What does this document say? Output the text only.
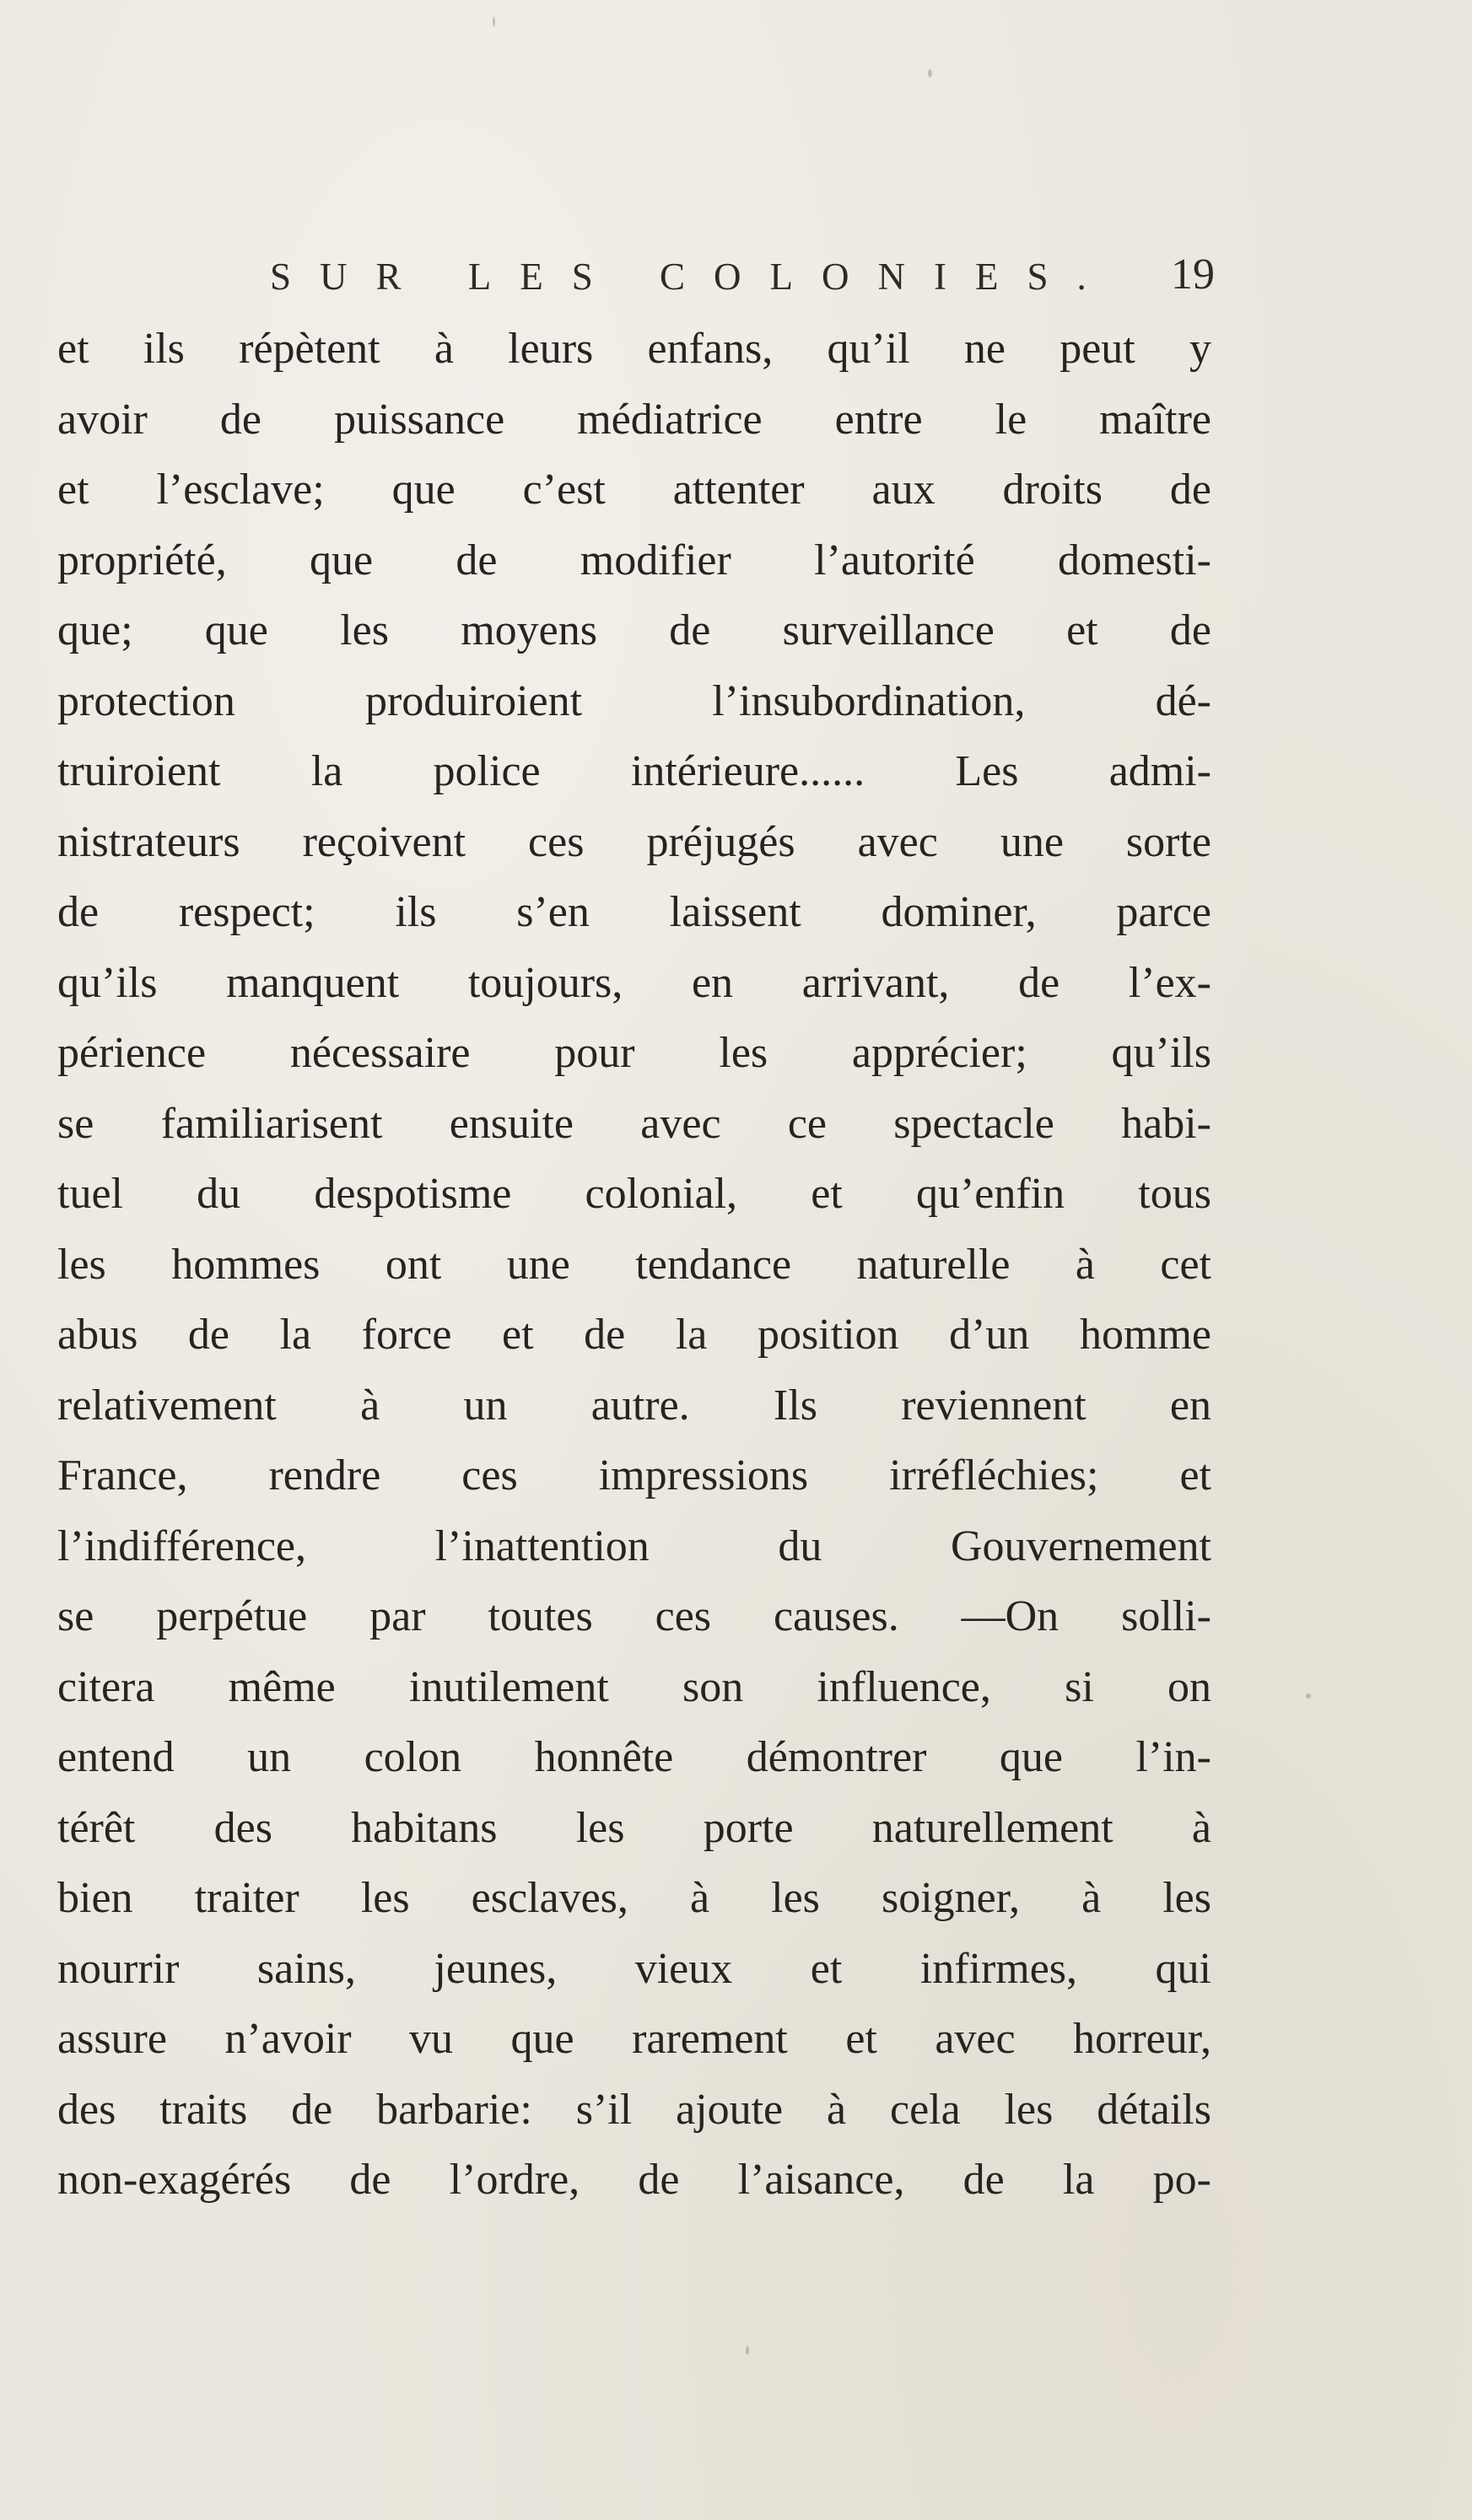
SUR LES COLONIES. 19
et ils répètent à leurs enfans, qu’il ne peut y
avoir de puissance médiatrice entre le maître
et l’esclave; que c’est attenter aux droits de
propriété, que de modifier l’autorité domesti-
que; que les moyens de surveillance et de
protection produiroient l’insubordination, dé-
truiroient la police intérieure...... Les admi-
nistrateurs reçoivent ces préjugés avec une sorte
de respect; ils s’en laissent dominer, parce
qu’ils manquent toujours, en arrivant, de l’ex-
périence nécessaire pour les apprécier; qu’ils
se familiarisent ensuite avec ce spectacle habi-
tuel du despotisme colonial, et qu’enfin tous
les hommes ont une tendance naturelle à cet
abus de la force et de la position d’un homme
relativement à un autre. Ils reviennent en
France, rendre ces impressions irréfléchies; et
l’indifférence, l’inattention du Gouvernement
se perpétue par toutes ces causes. —On solli-
citera même inutilement son influence, si on
entend un colon honnête démontrer que l’in-
térêt des habitans les porte naturellement à
bien traiter les esclaves, à les soigner, à les
nourrir sains, jeunes, vieux et infirmes, qui
assure n’avoir vu que rarement et avec horreur,
des traits de barbarie: s’il ajoute à cela les détails
non-exagérés de l’ordre, de l’aisance, de la po-
